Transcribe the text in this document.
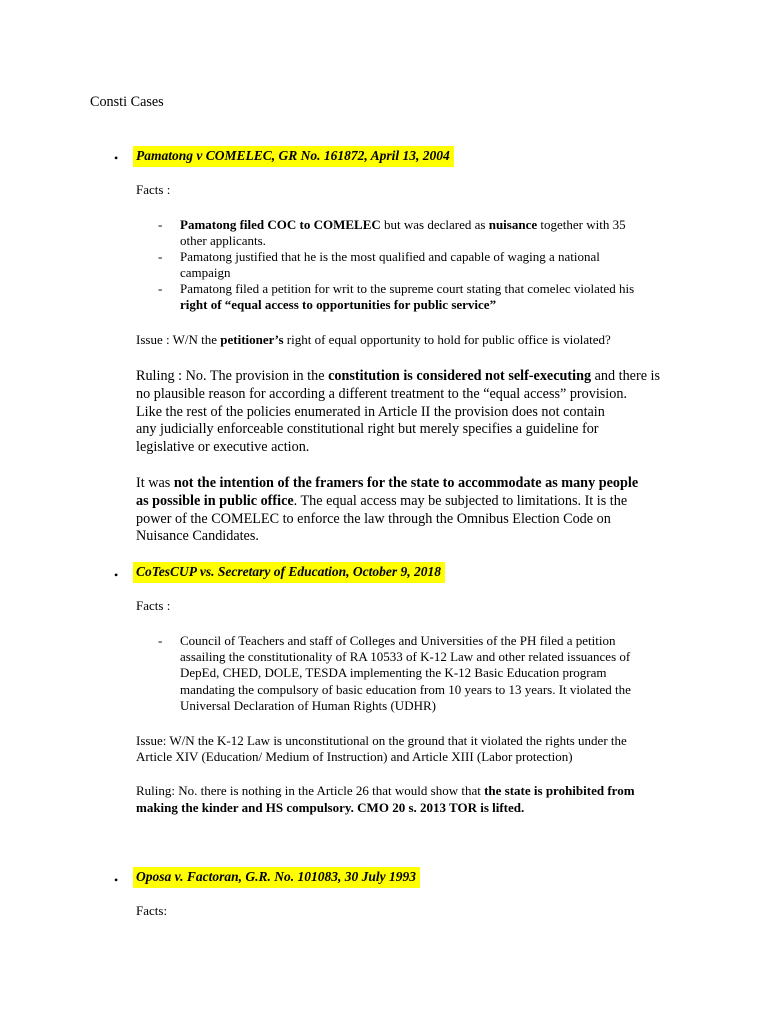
Consti Cases
• Pamatong v COMELEC, GR No. 161872, April 13, 2004
Facts :
- Pamatong filed COC to COMELEC but was declared as nuisance together with 35
other applicants.
- Pamatong justified that he is the most qualified and capable of waging a national
campaign
- Pamatong filed a petition for writ to the supreme court stating that comelec violated his
right of “equal access to opportunities for public service”
Issue : W/N the petitioner’s right of equal opportunity to hold for public office is violated?
Ruling : No. The provision in the constitution is considered not self-executing and there is
no plausible reason for according a different treatment to the “equal access” provision.
Like the rest of the policies enumerated in Article II the provision does not contain
any judicially enforceable constitutional right but merely specifies a guideline for
legislative or executive action.
It was not the intention of the framers for the state to accommodate as many people
as possible in public office. The equal access may be subjected to limitations. It is the
power of the COMELEC to enforce the law through the Omnibus Election Code on
Nuisance Candidates.
• CoTesCUP vs. Secretary of Education, October 9, 2018
Facts :
- Council of Teachers and staff of Colleges and Universities of the PH filed a petition
assailing the constitutionality of RA 10533 of K-12 Law and other related issuances of
DepEd, CHED, DOLE, TESDA implementing the K-12 Basic Education program
mandating the compulsory of basic education from 10 years to 13 years. It violated the
Universal Declaration of Human Rights (UDHR)
Issue: W/N the K-12 Law is unconstitutional on the ground that it violated the rights under the
Article XIV (Education/ Medium of Instruction) and Article XIII (Labor protection)
Ruling: No. there is nothing in the Article 26 that would show that the state is prohibited from
making the kinder and HS compulsory. CMO 20 s. 2013 TOR is lifted.
• Oposa v. Factoran, G.R. No. 101083, 30 July 1993
Facts:
